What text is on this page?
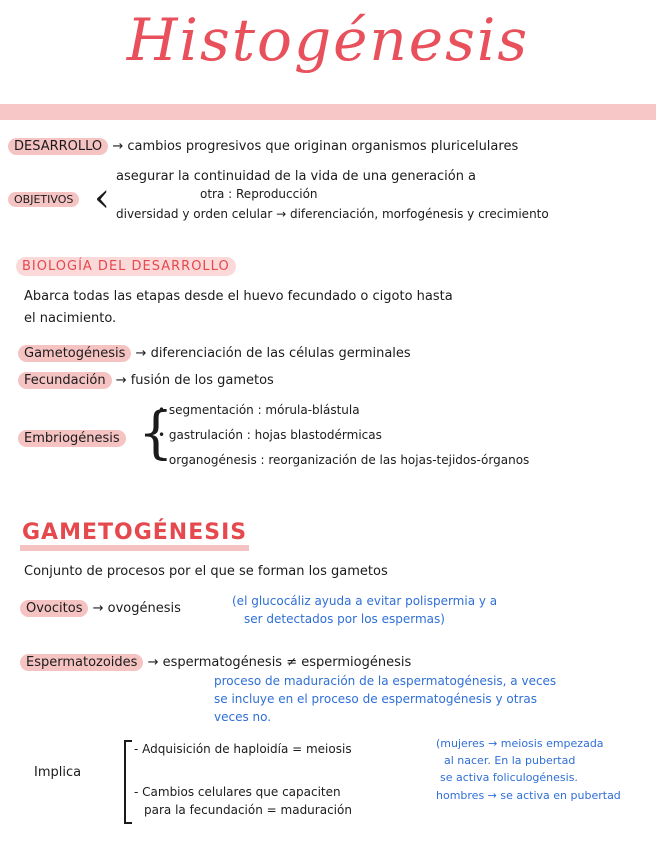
Histogénesis
DESARROLLO → cambios progresivos que originan organismos pluricelulares
OBJETIVOS ‹ asegurar la continuidad de la vida de una generación a
otra : Reproducción
diversidad y orden celular → diferenciación, morfogénesis y crecimiento
BIOLOGÍA DEL DESARROLLO
Abarca todas las etapas desde el huevo fecundado o cigoto hasta
el nacimiento.
Gametogénesis → diferenciación de las células germinales
Fecundación → fusión de los gametos
Embriogénesis {
• segmentación : mórula-blástula
• gastrulación : hojas blastodérmicas
• organogénesis : reorganización de las hojas-tejidos-órganos
GAMETOGÉNESIS
Conjunto de procesos por el que se forman los gametos
Ovocitos → ovogénesis	(el glucocáliz ayuda a evitar polispermia y a
ser detectados por los espermas)
Espermatozoides → espermatogénesis ≠ espermiogénesis
proceso de maduración de la espermatogénesis, a veces
se incluye en el proceso de espermatogénesis y otras
veces no.
Implica
- Adquisición de haploidía = meiosis
- Cambios celulares que capaciten
para la fecundación = maduración
(mujeres → meiosis empezada
al nacer. En la pubertad
se activa foliculogénesis.
hombres → se activa en pubertad
